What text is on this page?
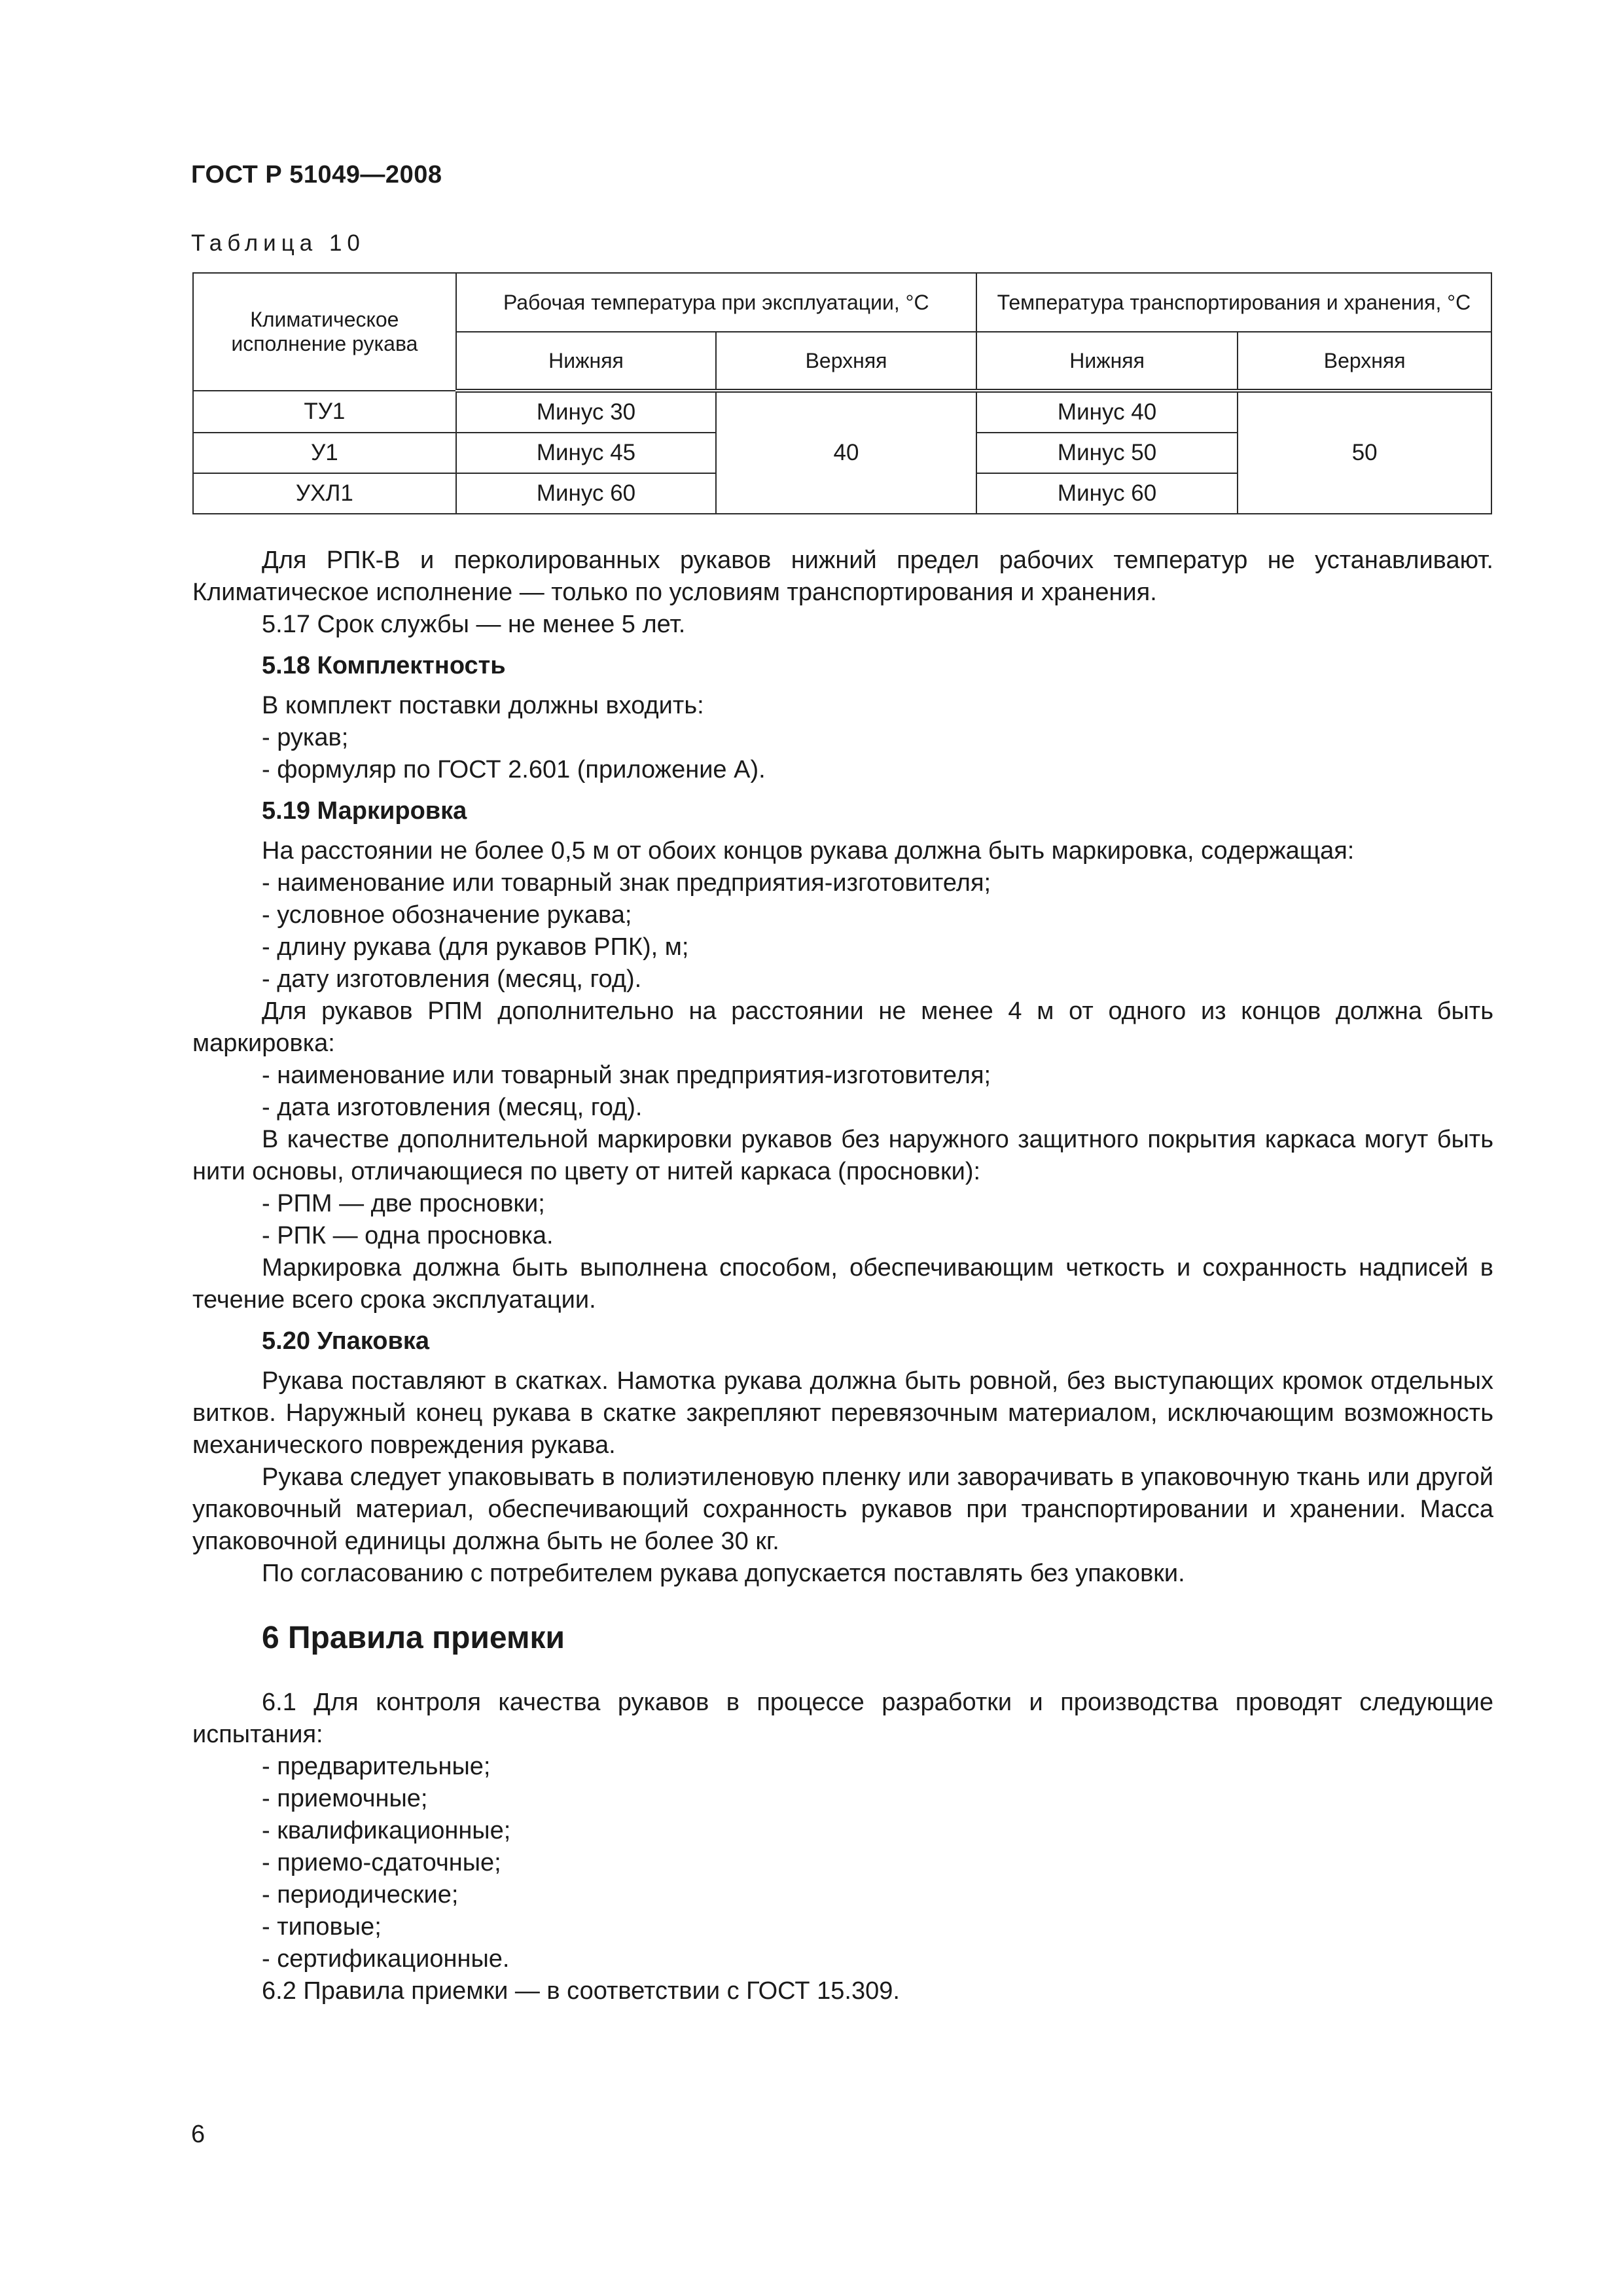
ГОСТ Р 51049—2008
Таблица 10
Климатическое исполнение рукава	Рабочая температура при эксплуатации, °С		Температура транспортирования и хранения, °С	
	Нижняя	Верхняя	Нижняя	Верхняя
ТУ1	Минус 30	40	Минус 40	50
У1	Минус 45		Минус 50	
УХЛ1	Минус 60		Минус 60	

Для РПК-В и перколированных рукавов нижний предел рабочих температур не устанавливают. Климатическое исполнение — только по условиям транспортирования и хранения.

5.17 Срок службы — не менее 5 лет.

5.18 Комплектность

В комплект поставки должны входить:

- рукав;

- формуляр по ГОСТ 2.601 (приложение А).

5.19 Маркировка

На расстоянии не более 0,5 м от обоих концов рукава должна быть маркировка, содержащая:

- наименование или товарный знак предприятия-изготовителя;

- условное обозначение рукава;

- длину рукава (для рукавов РПК), м;

- дату изготовления (месяц, год).

Для рукавов РПМ дополнительно на расстоянии не менее 4 м от одного из концов должна быть маркировка:

- наименование или товарный знак предприятия-изготовителя;

- дата изготовления (месяц, год).

В качестве дополнительной маркировки рукавов без наружного защитного покрытия каркаса могут быть нити основы, отличающиеся по цвету от нитей каркаса (просновки):

- РПМ — две просновки;

- РПК — одна просновка.

Маркировка должна быть выполнена способом, обеспечивающим четкость и сохранность надписей в течение всего срока эксплуатации.

5.20 Упаковка

Рукава поставляют в скатках. Намотка рукава должна быть ровной, без выступающих кромок отдельных витков. Наружный конец рукава в скатке закрепляют перевязочным материалом, исключающим возможность механического повреждения рукава.

Рукава следует упаковывать в полиэтиленовую пленку или заворачивать в упаковочную ткань или другой упаковочный материал, обеспечивающий сохранность рукавов при транспортировании и хранении. Масса упаковочной единицы должна быть не более 30 кг.

По согласованию с потребителем рукава допускается поставлять без упаковки.

6 Правила приемки

6.1 Для контроля качества рукавов в процессе разработки и производства проводят следующие испытания:

- предварительные;

- приемочные;

- квалификационные;

- приемо-сдаточные;

- периодические;

- типовые;

- сертификационные.

6.2 Правила приемки — в соответствии с ГОСТ 15.309.

6
